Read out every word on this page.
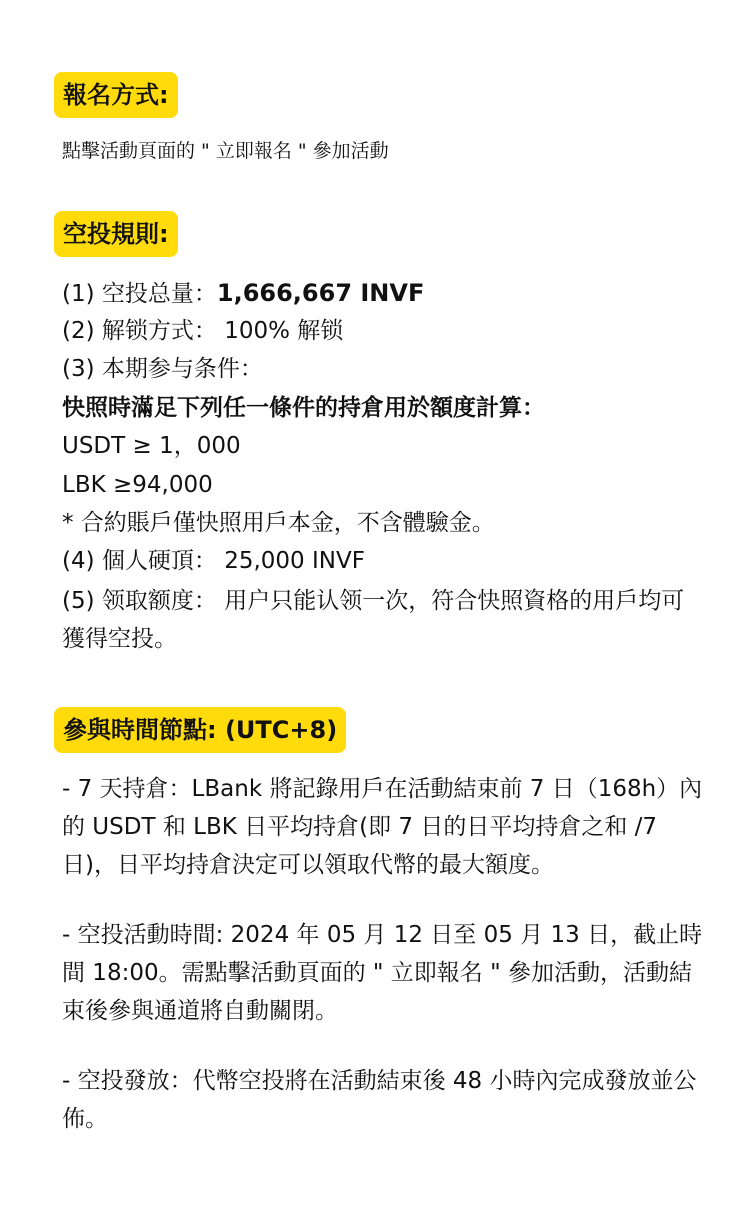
報名方式:
點擊活動頁面的 " 立即報名 " 參加活動
空投規則:
(1) 空投总量：1,666,667 INVF
(2) 解锁方式： 100% 解锁
(3) 本期参与条件：
快照時滿足下列任一條件的持倉用於額度計算：
USDT ≥ 1，000
LBK ≥94,000
* 合約賬戶僅快照用戶本金，不含體驗金。
(4) 個人硬頂： 25,000 INVF
(5) 领取额度： 用户只能认领一次，符合快照資格的用戶均可獲得空投。
參與時間節點: (UTC+8)
- 7 天持倉：LBank 將記錄用戶在活動結束前 7 日（168h）內的 USDT 和 LBK 日平均持倉(即 7 日的日平均持倉之和 /7 日)，日平均持倉決定可以領取代幣的最大額度。
- 空投活動時間: 2024 年 05 月 12 日至 05 月 13 日，截止時間 18:00。需點擊活動頁面的 " 立即報名 " 參加活動，活動結束後參與通道將自動關閉。
- 空投發放：代幣空投將在活動結束後 48 小時內完成發放並公佈。
